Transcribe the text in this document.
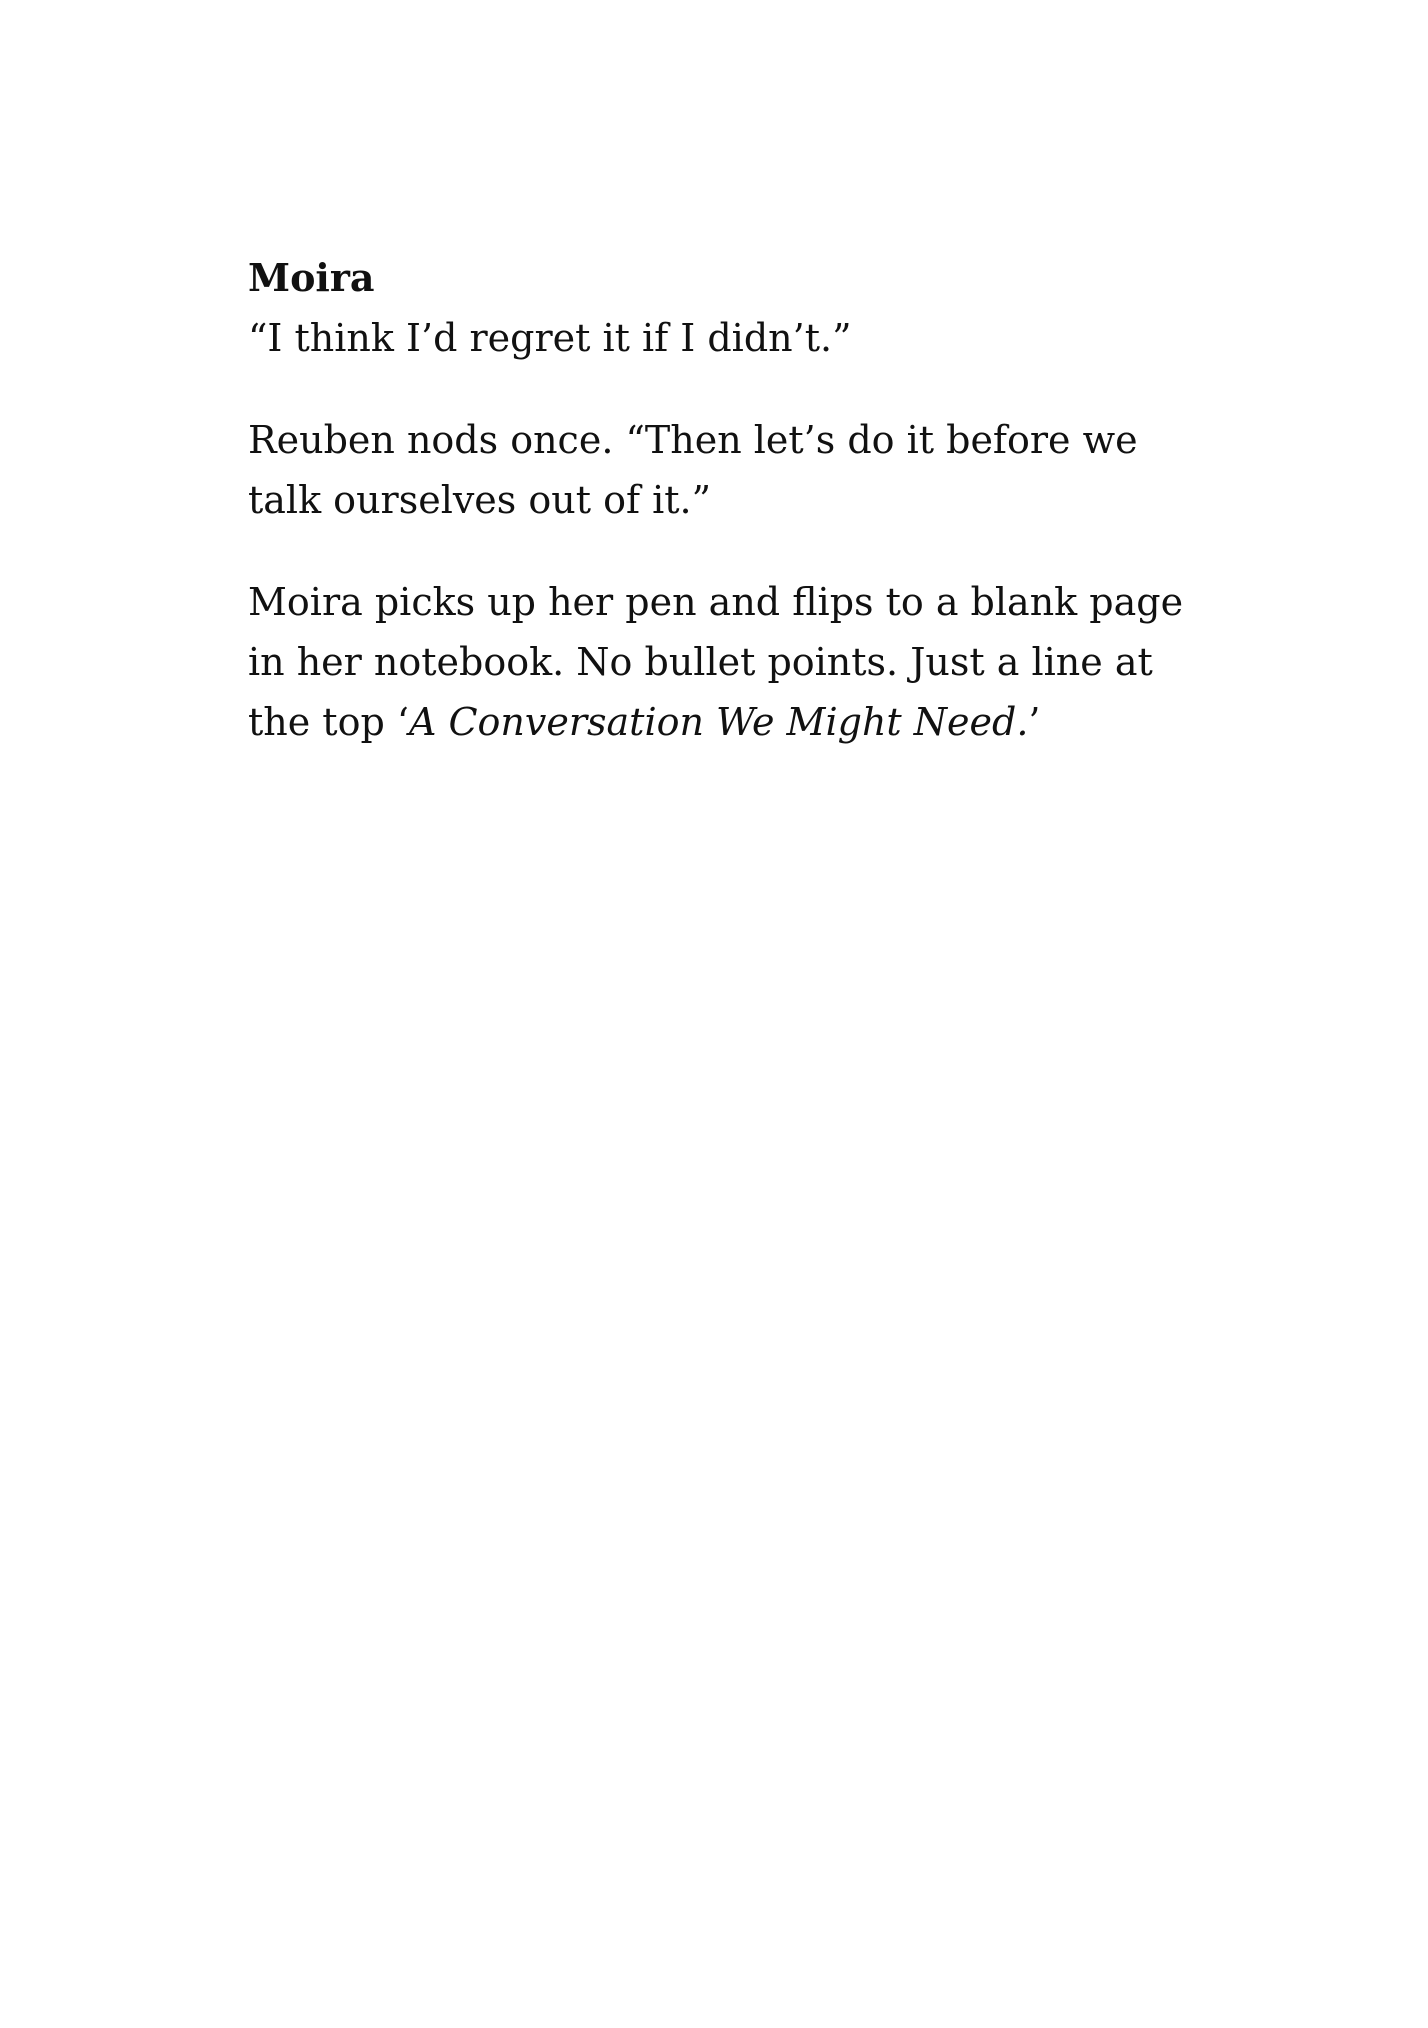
Moira

“I think I’d regret it if I didn’t.”

Reuben nods once. “Then let’s do it before we talk ourselves out of it.”

Moira picks up her pen and flips to a blank page in her notebook. No bullet points. Just a line at the top ‘A Conversation We Might Need.’
